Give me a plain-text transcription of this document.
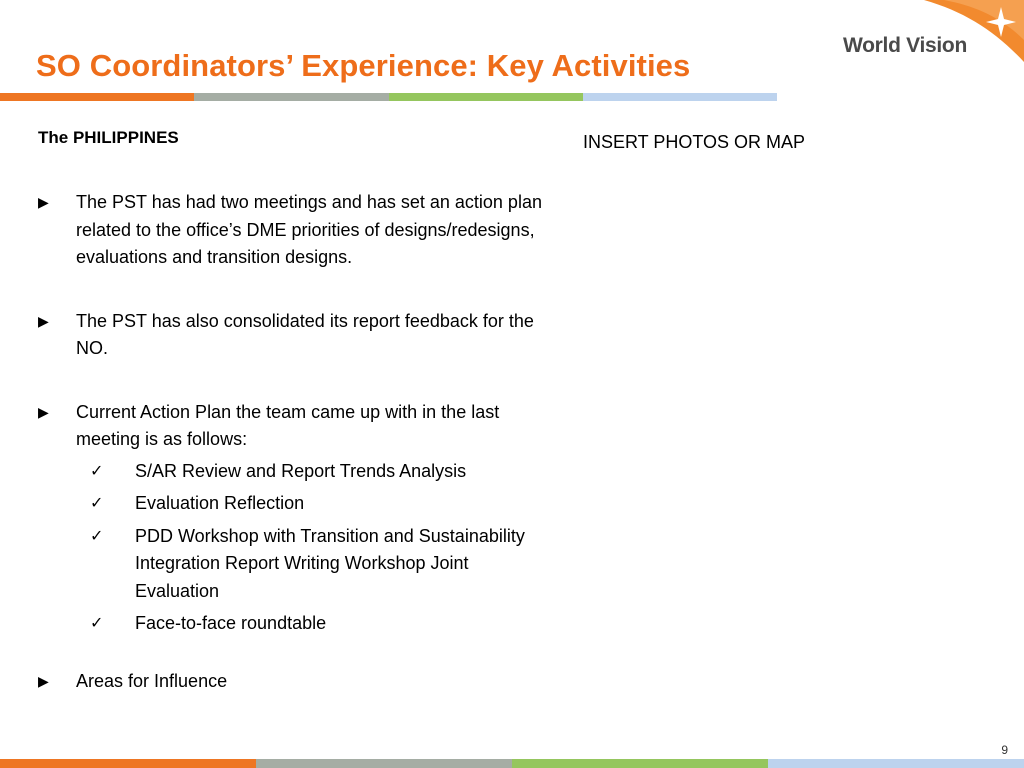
SO Coordinators’ Experience: Key Activities
World Vision

The PHILIPPINES

▶ The PST has had two meetings and has set an action plan related to the office’s DME priorities of designs/redesigns, evaluations and transition designs.
▶ The PST has also consolidated its report feedback for the NO.
▶ Current Action Plan the team came up with in the last meeting is as follows:
✓	S/AR Review and Report Trends Analysis
✓	Evaluation Reflection
✓	PDD Workshop with Transition and Sustainability Integration Report Writing Workshop Joint Evaluation
✓	Face-to-face roundtable
▶ Areas for Influence
INSERT PHOTOS OR MAP
9
